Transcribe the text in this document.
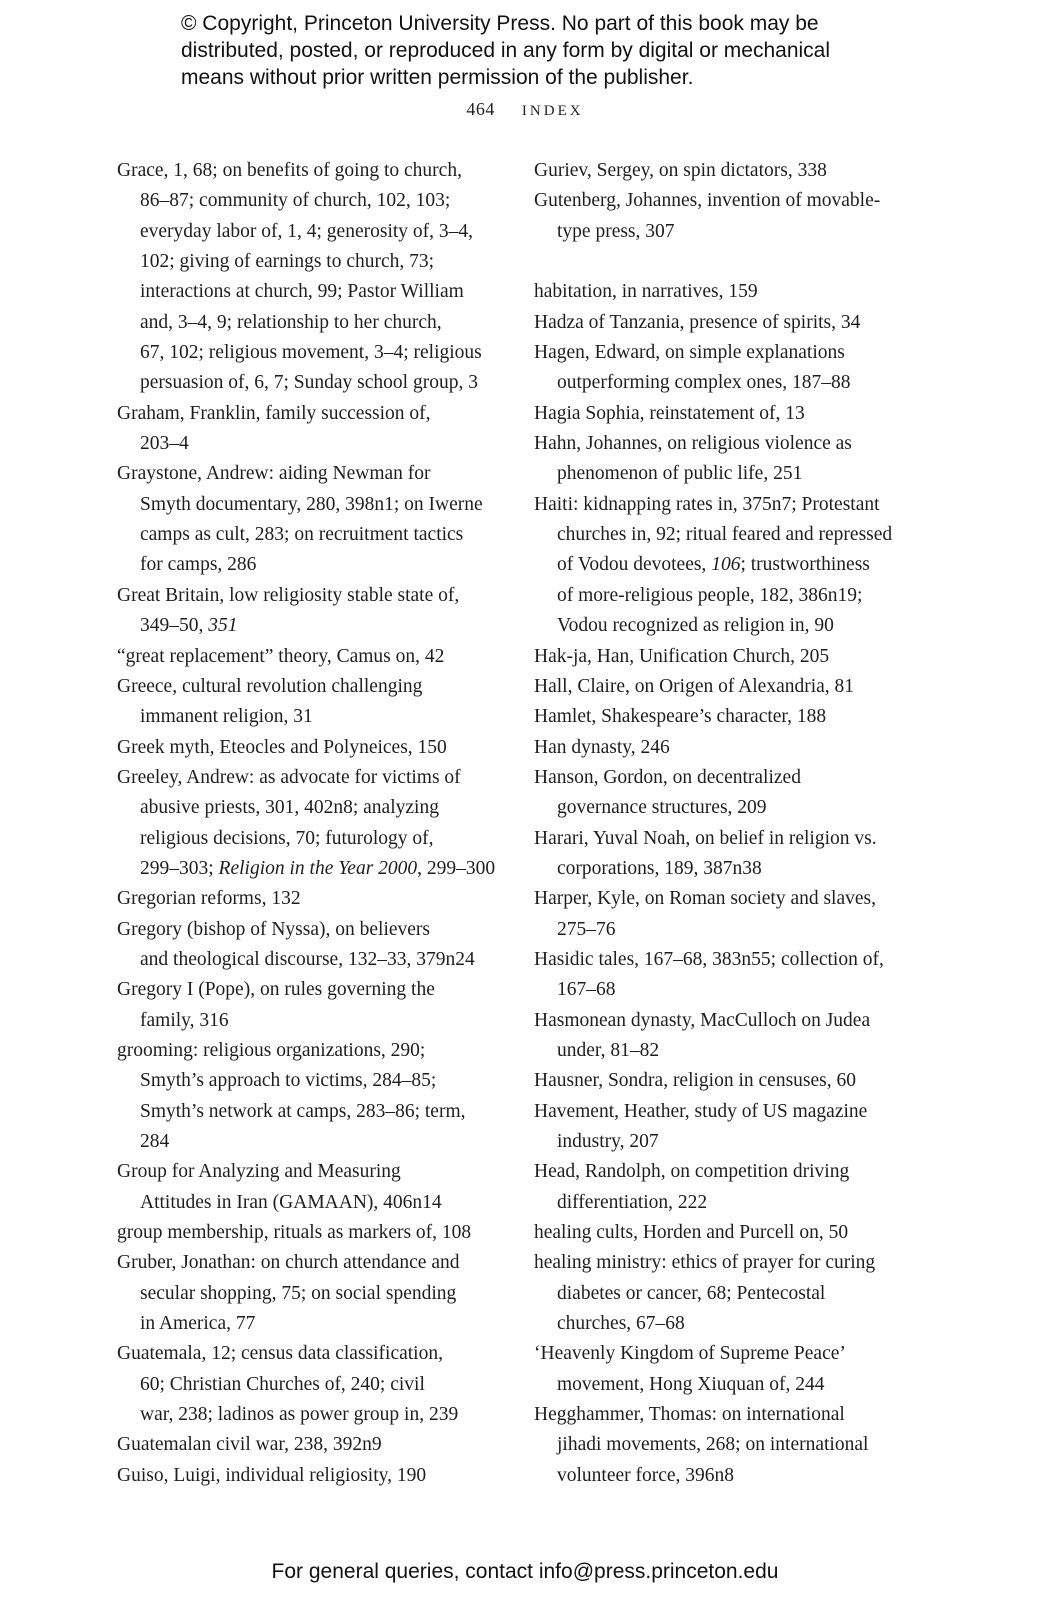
© Copyright, Princeton University Press. No part of this book may be
distributed, posted, or reproduced in any form by digital or mechanical
means without prior written permission of the publisher.
464 INDEX
Grace, 1, 68; on benefits of going to church,
86–87; community of church, 102, 103;
everyday labor of, 1, 4; generosity of, 3–4,
102; giving of earnings to church, 73;
interactions at church, 99; Pastor William
and, 3–4, 9; relationship to her church,
67, 102; religious movement, 3–4; religious
persuasion of, 6, 7; Sunday school group, 3
Graham, Franklin, family succession of,
203–4
Graystone, Andrew: aiding Newman for
Smyth documentary, 280, 398n1; on Iwerne
camps as cult, 283; on recruitment tactics
for camps, 286
Great Britain, low religiosity stable state of,
349–50, 351
“great replacement” theory, Camus on, 42
Greece, cultural revolution challenging
immanent religion, 31
Greek myth, Eteocles and Polyneices, 150
Greeley, Andrew: as advocate for victims of
abusive priests, 301, 402n8; analyzing
religious decisions, 70; futurology of,
299–303; Religion in the Year 2000, 299–300
Gregorian reforms, 132
Gregory (bishop of Nyssa), on believers
and theological discourse, 132–33, 379n24
Gregory I (Pope), on rules governing the
family, 316
grooming: religious organizations, 290;
Smyth’s approach to victims, 284–85;
Smyth’s network at camps, 283–86; term,
284
Group for Analyzing and Measuring
Attitudes in Iran (GAMAAN), 406n14
group membership, rituals as markers of, 108
Gruber, Jonathan: on church attendance and
secular shopping, 75; on social spending
in America, 77
Guatemala, 12; census data classification,
60; Christian Churches of, 240; civil
war, 238; ladinos as power group in, 239
Guatemalan civil war, 238, 392n9
Guiso, Luigi, individual religiosity, 190
Guriev, Sergey, on spin dictators, 338
Gutenberg, Johannes, invention of movable-
type press, 307
habitation, in narratives, 159
Hadza of Tanzania, presence of spirits, 34
Hagen, Edward, on simple explanations
outperforming complex ones, 187–88
Hagia Sophia, reinstatement of, 13
Hahn, Johannes, on religious violence as
phenomenon of public life, 251
Haiti: kidnapping rates in, 375n7; Protestant
churches in, 92; ritual feared and repressed
of Vodou devotees, 106; trustworthiness
of more-religious people, 182, 386n19;
Vodou recognized as religion in, 90
Hak-ja, Han, Unification Church, 205
Hall, Claire, on Origen of Alexandria, 81
Hamlet, Shakespeare’s character, 188
Han dynasty, 246
Hanson, Gordon, on decentralized
governance structures, 209
Harari, Yuval Noah, on belief in religion vs.
corporations, 189, 387n38
Harper, Kyle, on Roman society and slaves,
275–76
Hasidic tales, 167–68, 383n55; collection of,
167–68
Hasmonean dynasty, MacCulloch on Judea
under, 81–82
Hausner, Sondra, religion in censuses, 60
Havement, Heather, study of US magazine
industry, 207
Head, Randolph, on competition driving
differentiation, 222
healing cults, Horden and Purcell on, 50
healing ministry: ethics of prayer for curing
diabetes or cancer, 68; Pentecostal
churches, 67–68
‘Heavenly Kingdom of Supreme Peace’
movement, Hong Xiuquan of, 244
Hegghammer, Thomas: on international
jihadi movements, 268; on international
volunteer force, 396n8
For general queries, contact info@press.princeton.edu
